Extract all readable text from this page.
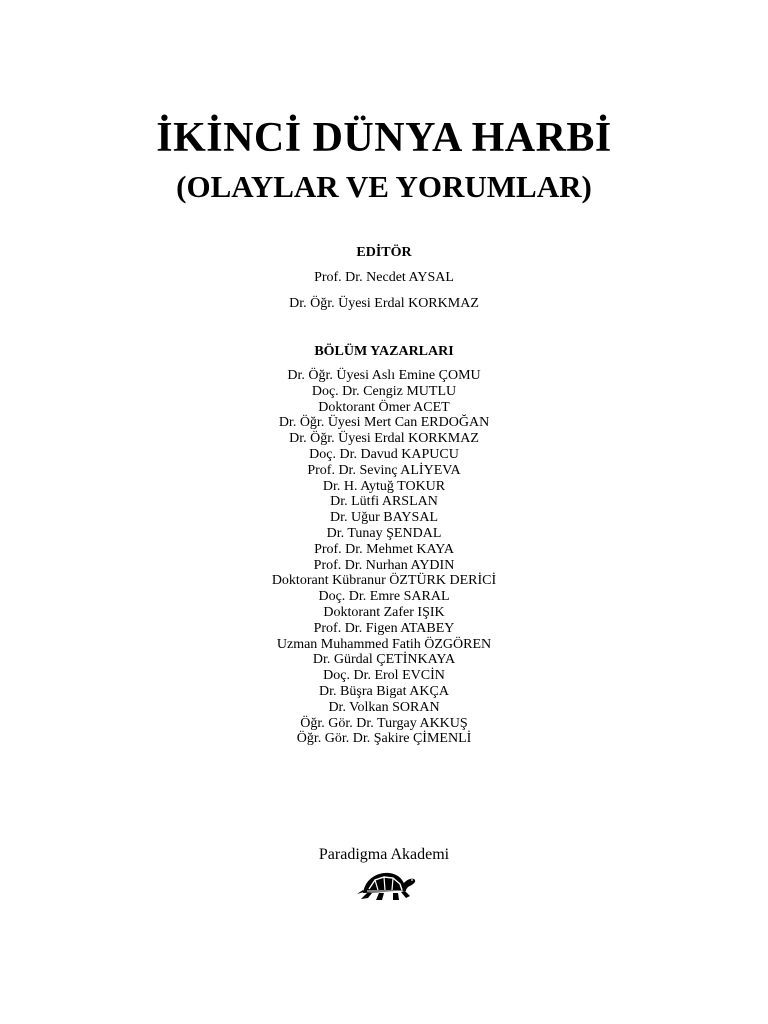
İKİNCİ DÜNYA HARBİ
(OLAYLAR VE YORUMLAR)
EDİTÖR
Prof. Dr. Necdet AYSAL
Dr. Öğr. Üyesi Erdal KORKMAZ
BÖLÜM YAZARLARI
Dr. Öğr. Üyesi Aslı Emine ÇOMU
Doç. Dr. Cengiz MUTLU
Doktorant Ömer ACET
Dr. Öğr. Üyesi Mert Can ERDOĞAN
Dr. Öğr. Üyesi Erdal KORKMAZ
Doç. Dr. Davud KAPUCU
Prof. Dr. Sevinç ALİYEVA
Dr. H. Aytuğ TOKUR
Dr. Lütfi ARSLAN
Dr. Uğur BAYSAL
Dr. Tunay ŞENDAL
Prof. Dr. Mehmet KAYA
Prof. Dr. Nurhan AYDIN
Doktorant Kübranur ÖZTÜRK DERİCİ
Doç. Dr. Emre SARAL
Doktorant Zafer IŞIK
Prof. Dr. Figen ATABEY
Uzman Muhammed Fatih ÖZGÖREN
Dr. Gürdal ÇETİNKAYA
Doç. Dr. Erol EVCİN
Dr. Büşra Bigat AKÇA
Dr. Volkan SORAN
Öğr. Gör. Dr. Turgay AKKUŞ
Öğr. Gör. Dr. Şakire ÇİMENLİ
Paradigma Akademi
